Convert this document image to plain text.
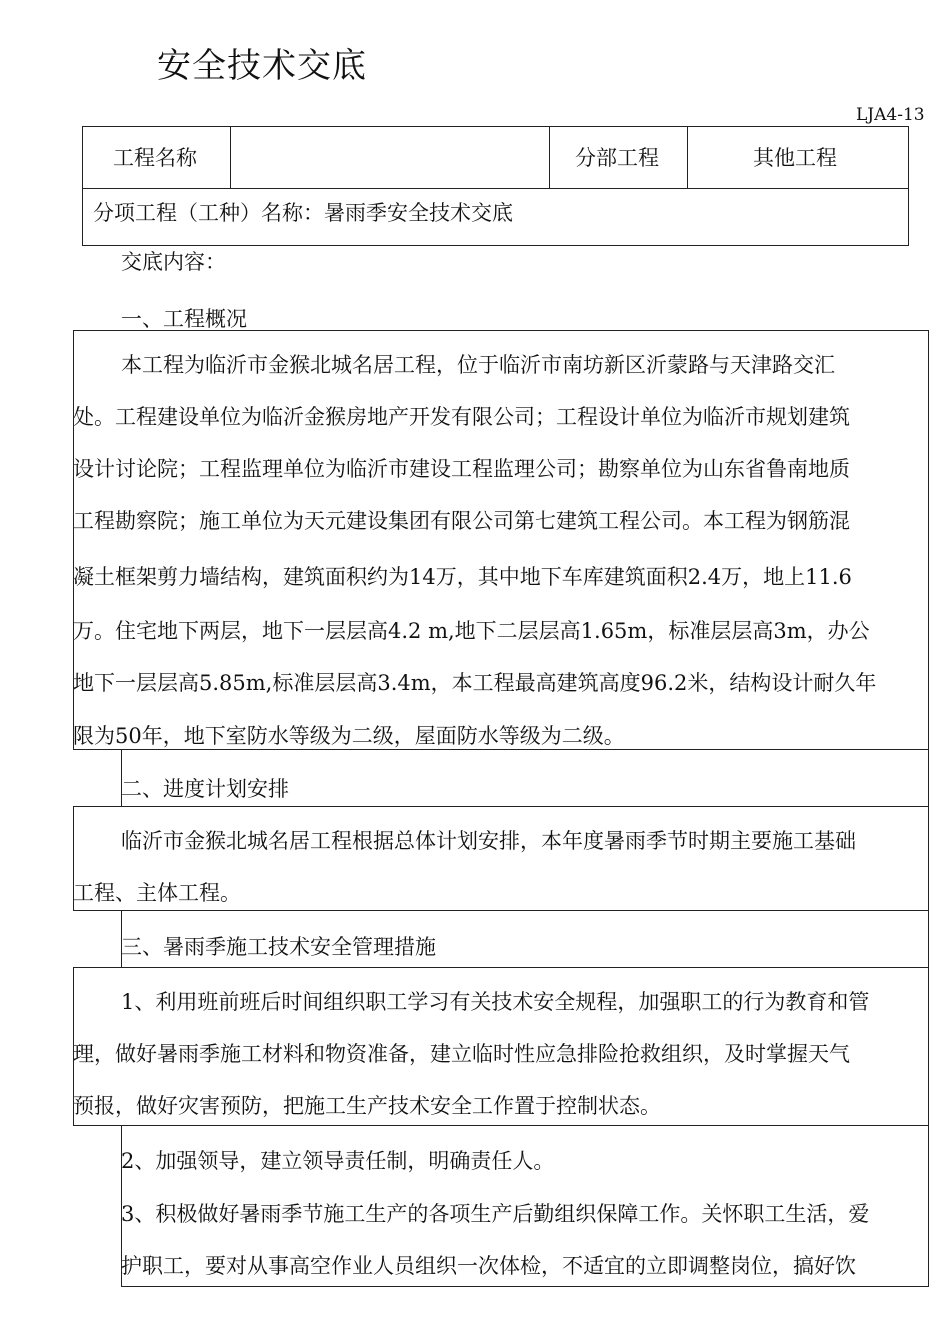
安全技术交底
LJA4-13
工程名称	分部工程	其他工程
分项工程（工种）名称：暑雨季安全技术交底
交底内容：
一、工程概况
本工程为临沂市金猴北城名居工程，位于临沂市南坊新区沂蒙路与天津路交汇
处。工程建设单位为临沂金猴房地产开发有限公司；工程设计单位为临沂市规划建筑
设计讨论院；工程监理单位为临沂市建设工程监理公司；勘察单位为山东省鲁南地质
工程勘察院；施工单位为天元建设集团有限公司第七建筑工程公司。本工程为钢筋混
凝土框架剪力墙结构，建筑面积约为14万，其中地下车库建筑面积2.4万，地上11.6
万。住宅地下两层，地下一层层高4.2 m,地下二层层高1.65m，标准层层高3m，办公
地下一层层高5.85m,标准层层高3.4m，本工程最高建筑高度96.2米，结构设计耐久年
限为50年，地下室防水等级为二级，屋面防水等级为二级。
二、进度计划安排
临沂市金猴北城名居工程根据总体计划安排，本年度暑雨季节时期主要施工基础
工程、主体工程。
三、暑雨季施工技术安全管理措施
1、利用班前班后时间组织职工学习有关技术安全规程，加强职工的行为教育和管
理，做好暑雨季施工材料和物资准备，建立临时性应急排险抢救组织，及时掌握天气
预报，做好灾害预防，把施工生产技术安全工作置于控制状态。
2、加强领导，建立领导责任制，明确责任人。
3、积极做好暑雨季节施工生产的各项生产后勤组织保障工作。关怀职工生活，爱
护职工，要对从事高空作业人员组织一次体检，不适宜的立即调整岗位，搞好饮
